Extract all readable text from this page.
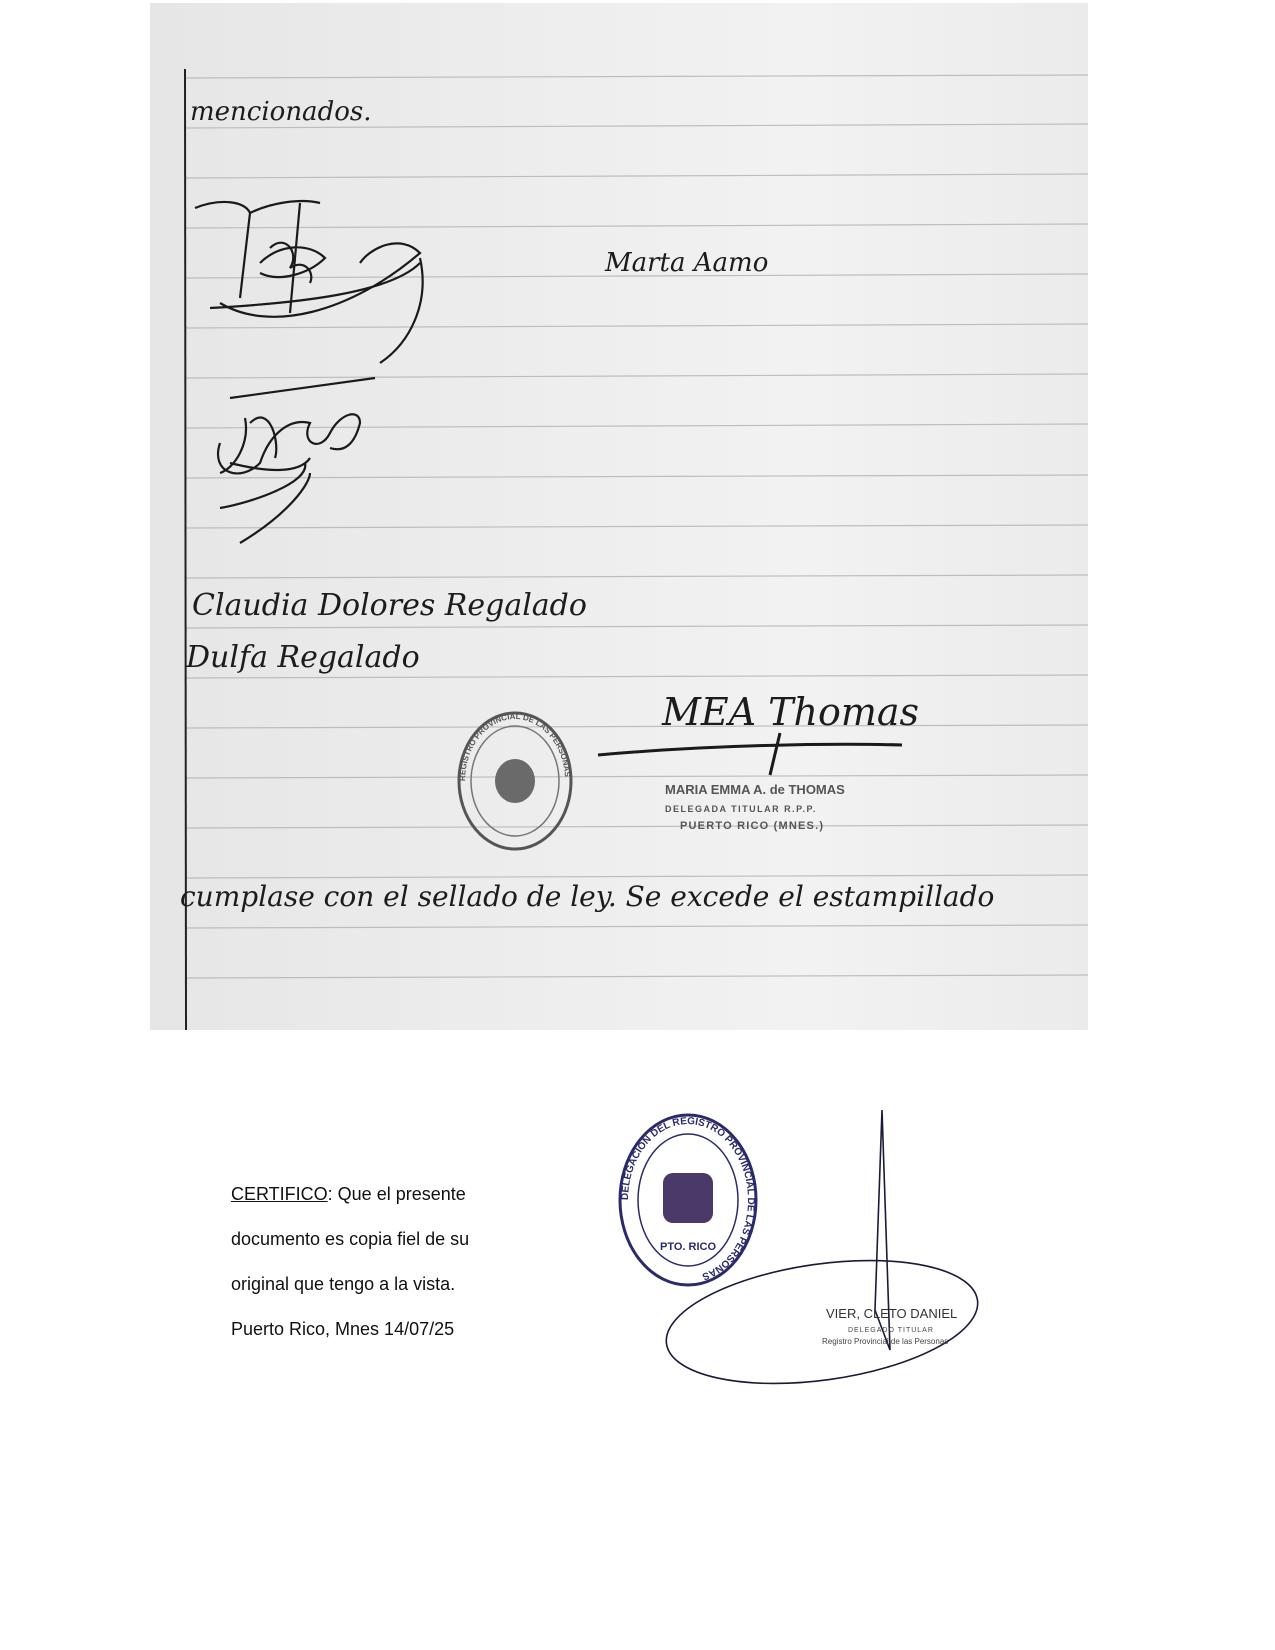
mencionados.
Marta Aamo
Claudia Dolores Regalado
Dulfa Regalado
REGISTRO PROVINCIAL DE LAS PERSONAS
MEA Thomas
MARIA EMMA A. de THOMAS
DELEGADA TITULAR R.P.P.
PUERTO RICO (MNES.)
cumplase con el sellado de ley. Se excede el estampillado
CERTIFICO: Que el presente
documento es copia fiel de su
original que tengo a la vista.
Puerto Rico, Mnes 14/07/25
DELEGACIÓN DEL REGISTRO PROVINCIAL DE LAS PERSONAS
PTO. RICO
VIER, CLETO DANIEL
DELEGADO TITULAR
Registro Provincial de las Personas
